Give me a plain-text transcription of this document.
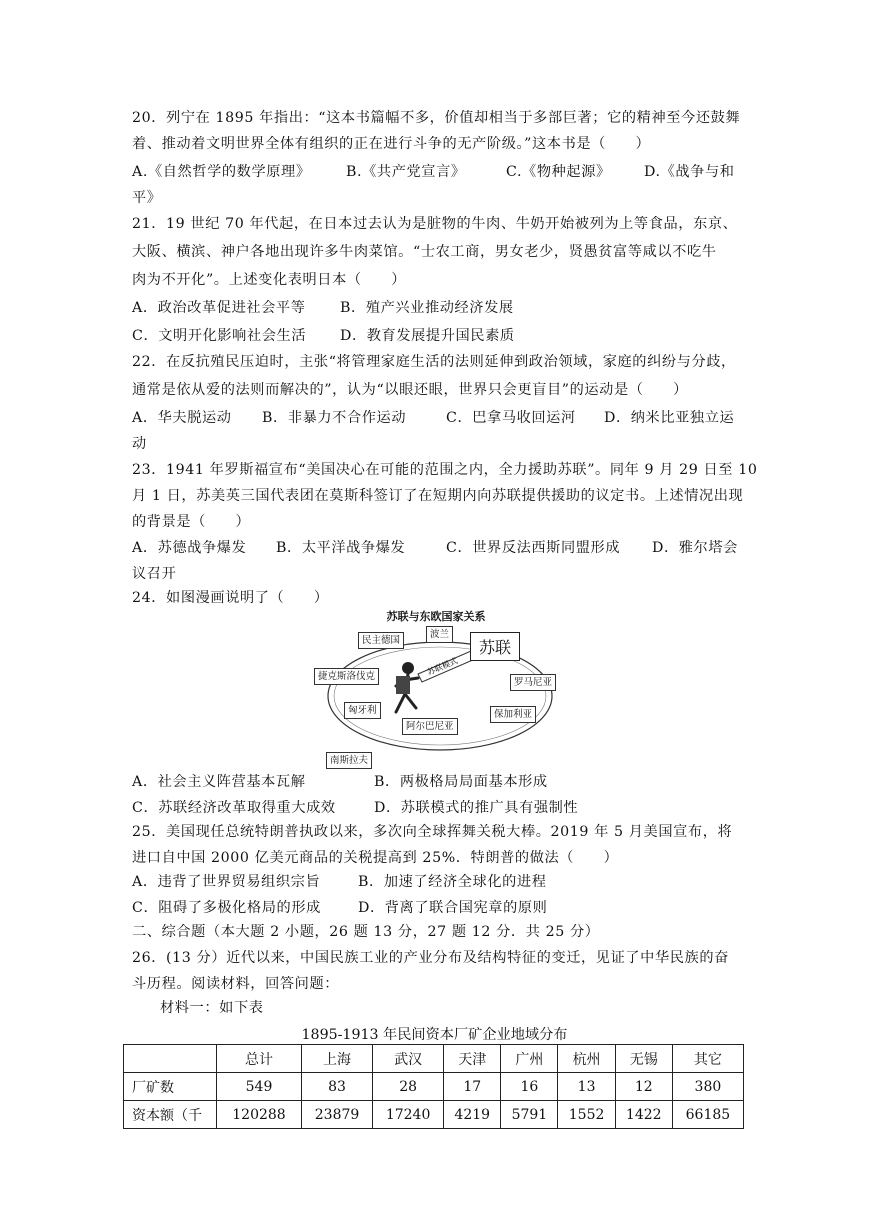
20．列宁在 1895 年指出：“这本书篇幅不多，价值却相当于多部巨著；它的精神至今还鼓舞
着、推动着文明世界全体有组织的正在进行斗争的无产阶级。”这本书是（　　）
A.《自然哲学的数学原理》 B.《共产党宣言》	C.《物种起源》 D.《战争与和
平》
21．19 世纪 70 年代起，在日本过去认为是脏物的牛肉、牛奶开始被列为上等食品，东京、
大阪、横滨、神户各地出现许多牛肉菜馆。“士农工商，男女老少，贤愚贫富等咸以不吃牛
肉为不开化”。上述变化表明日本（　　）
A．政治改革促进社会平等 B．殖产兴业推动经济发展
C．文明开化影响社会生活 D．教育发展提升国民素质
22．在反抗殖民压迫时，主张“将管理家庭生活的法则延伸到政治领域，家庭的纠纷与分歧，
通常是依从爱的法则而解决的”，认为“以眼还眼，世界只会更盲目”的运动是（　　）
A．华夫脱运动 B．非暴力不合作运动	C．巴拿马收回运河 D．纳米比亚独立运
动
23．1941 年罗斯福宣布“美国决心在可能的范围之内，全力援助苏联”。同年 9 月 29 日至 10
月 1 日，苏美英三国代表团在莫斯科签订了在短期内向苏联提供援助的议定书。上述情况出现
的背景是（　　）
A．苏德战争爆发 B．太平洋战争爆发	C．世界反法西斯同盟形成 D．雅尔塔会
议召开
24．如图漫画说明了（　　）
苏联与东欧国家关系
苏联模式
民主德国
波兰
苏联
捷克斯洛伐克
罗马尼亚
匈牙利	保加利亚
阿尔巴尼亚
南斯拉夫
A．社会主义阵营基本瓦解	B．两极格局局面基本形成
C．苏联经济改革取得重大成效	D．苏联模式的推广具有强制性
25．美国现任总统特朗普执政以来，多次向全球挥舞关税大棒。2019 年 5 月美国宣布，将
进口自中国 2000 亿美元商品的关税提高到 25%．特朗普的做法（　　）
A．违背了世界贸易组织宗旨	B．加速了经济全球化的进程
C．阻碍了多极化格局的形成	D．背离了联合国宪章的原则
二、综合题（本大题 2 小题，26 题 13 分，27 题 12 分．共 25 分）
26．(13 分）近代以来，中国民族工业的产业分布及结构特征的变迁，见证了中华民族的奋
斗历程。阅读材料，回答问题：
材料一：如下表
1895-1913 年民间资本厂矿企业地域分布
	总计	上海	武汉	天津	广州	杭州	无锡	其它
厂矿数	549	83	28	17	16	13	12	380
资本额（千	120288	23879	17240	4219	5791	1552	1422	66185
